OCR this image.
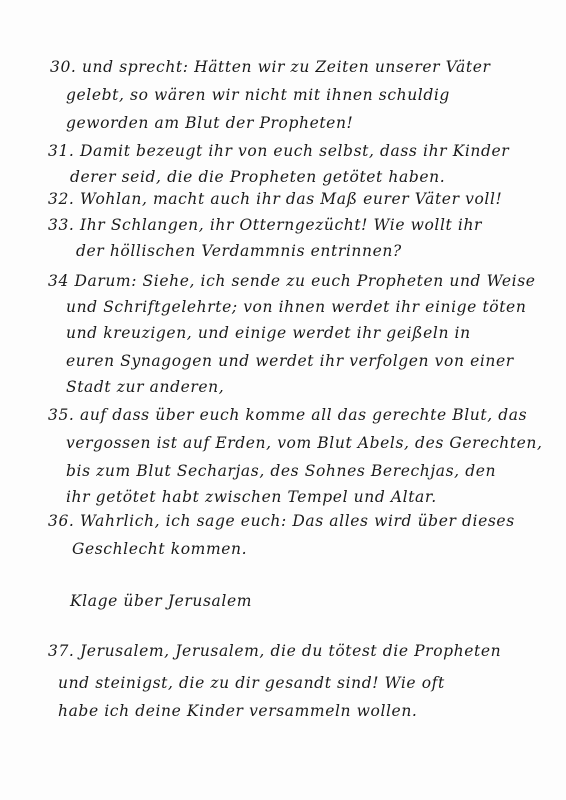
30. und sprecht: Hätten wir zu Zeiten unserer Väter
gelebt, so wären wir nicht mit ihnen schuldig
geworden am Blut der Propheten!
31. Damit bezeugt ihr von euch selbst, dass ihr Kinder
derer seid, die die Propheten getötet haben.
32. Wohlan, macht auch ihr das Maß eurer Väter voll!
33. Ihr Schlangen, ihr Otterngezücht! Wie wollt ihr
der höllischen Verdammnis entrinnen?
34 Darum: Siehe, ich sende zu euch Propheten und Weise
und Schriftgelehrte; von ihnen werdet ihr einige töten
und kreuzigen, und einige werdet ihr geißeln in
euren Synagogen und werdet ihr verfolgen von einer
Stadt zur anderen,
35. auf dass über euch komme all das gerechte Blut, das
vergossen ist auf Erden, vom Blut Abels, des Gerechten,
bis zum Blut Secharjas, des Sohnes Berechjas, den
ihr getötet habt zwischen Tempel und Altar.
36. Wahrlich, ich sage euch: Das alles wird über dieses
Geschlecht kommen.
Klage über Jerusalem
37. Jerusalem, Jerusalem, die du tötest die Propheten
und steinigst, die zu dir gesandt sind! Wie oft
habe ich deine Kinder versammeln wollen.
